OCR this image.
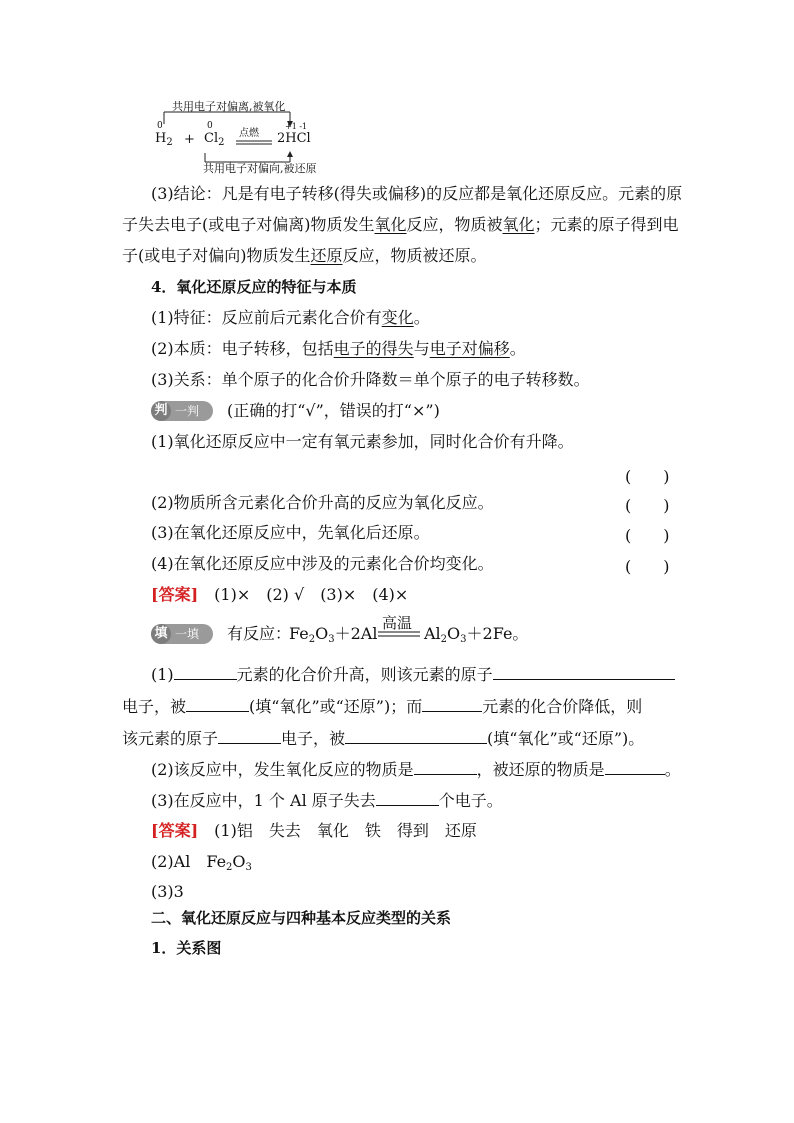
共用电子对偏离,被氧化
0
$H_2$ +
0
$Cl_2$
点燃
+1 -1
2HCl
共用电子对偏向,被还原
(3)结论：凡是有电子转移(得失或偏移)的反应都是氧化还原反应。元素的原
子失去电子(或电子对偏离)物质发生氧化反应，物质被氧化；元素的原子得到电
子(或电子对偏向)物质发生还原反应，物质被还原。
4．氧化还原反应的特征与本质
(1)特征：反应前后元素化合价有变化。
(2)本质：电子转移，包括电子的得失与电子对偏移。
(3)关系：单个原子的化合价升降数＝单个原子的电子转移数。
判 一判	(正确的打“√”，错误的打“×”)
(1)氧化还原反应中一定有氧元素参加，同时化合价有升降。
(　　)
(2)物质所含元素化合价升高的反应为氧化反应。	(　　)
(3)在氧化还原反应中，先氧化后还原。	(　　)
(4)在氧化还原反应中涉及的元素化合价均变化。	(　　)
[答案]　 (1)×　(2) √　(3)×　(4)×
填 一填	有反应：
$Fe_2O_3+2Al$
高温
$Al_2O_3+2Fe$。
(1)	元素的化合价升高，则该元素的原子
电子，被	(填“氧化”或“还原”)；而	元素的化合价降低，则
该元素的原子	电子，被	(填“氧化”或“还原”)。
(2)该反应中，发生氧化反应的物质是	，被还原的物质是	。
(3)在反应中，1 个 Al 原子失去	个电子。
[答案]　 (1)铝　失去　氧化　铁　得到　还原
(2)Al　$Fe_2O_3$
(3)3
二、氧化还原反应与四种基本反应类型的关系
1．关系图
